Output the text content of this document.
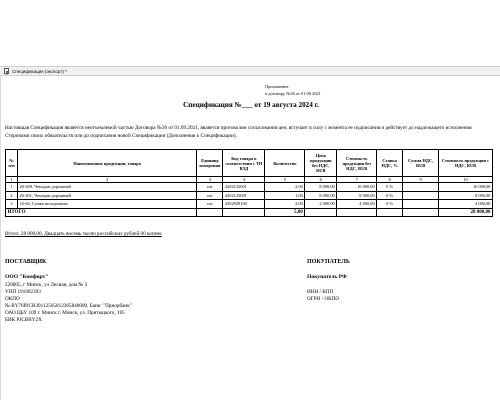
Спецификация (экспорт) *
Приложение
к договору №36 от 01.09.2021
Спецификация №___ от 19 августа 2024 г.
Настоящая Спецификация является неотъемлемой частью Договора №36 от 01.09.2021, является протоколом согласования цен, вступает в силу с момента ее подписания и действует до надлежащего исполнения Сторонами своих обязательств или до подписания новой Спецификации (Дополнения к Спецификации).
№ п/п	Наименование продукции, товара	Единица измерения	Код товара в соответствии с ТН ВЭД	Количество	Цена продукции без НДС, RUB	Стоимость продукции без НДС, RUB	Ставка НДС, %	Сумма НДС, RUB	Стоимость продукции с НДС, RUB
1	2	3	4	5	6	7	8	9	10
1	20-200, Чемодан дорожный	шт	4202125001	2,00	8 000,00	16 000,00	0 %		16 000,00
2	20-201, Чемодан дорожный	шт	4202125001	1,00	8 000,00	8 000,00	0 %		8 000,00
3	16-64, Сумка молодежная	шт	4202929100	2,00	2 000,00	4 000,00	0 %		4 000,00
ИТОГО				5,00					28 000,00
Итого: 28 000,00, Двадцать восемь тысяч российских рублей 00 копеек
ПОСТАВЩИК	ПОКУПАТЕЛЬ
ООО "Комфорт"	Покупатель РФ
220005, г Минск, ул Лесная, дом № 3
УНП 191002393
ОКПО
№ BY76PJCB30112565812365840000, Банк: "Приорбанк"
ОАО ЦБУ 109 г. Минск г. Минск, ул. Притыцкого, 105
БИК PJCBBY2X
ИНН / КПП
ОГРН / ОКПО
